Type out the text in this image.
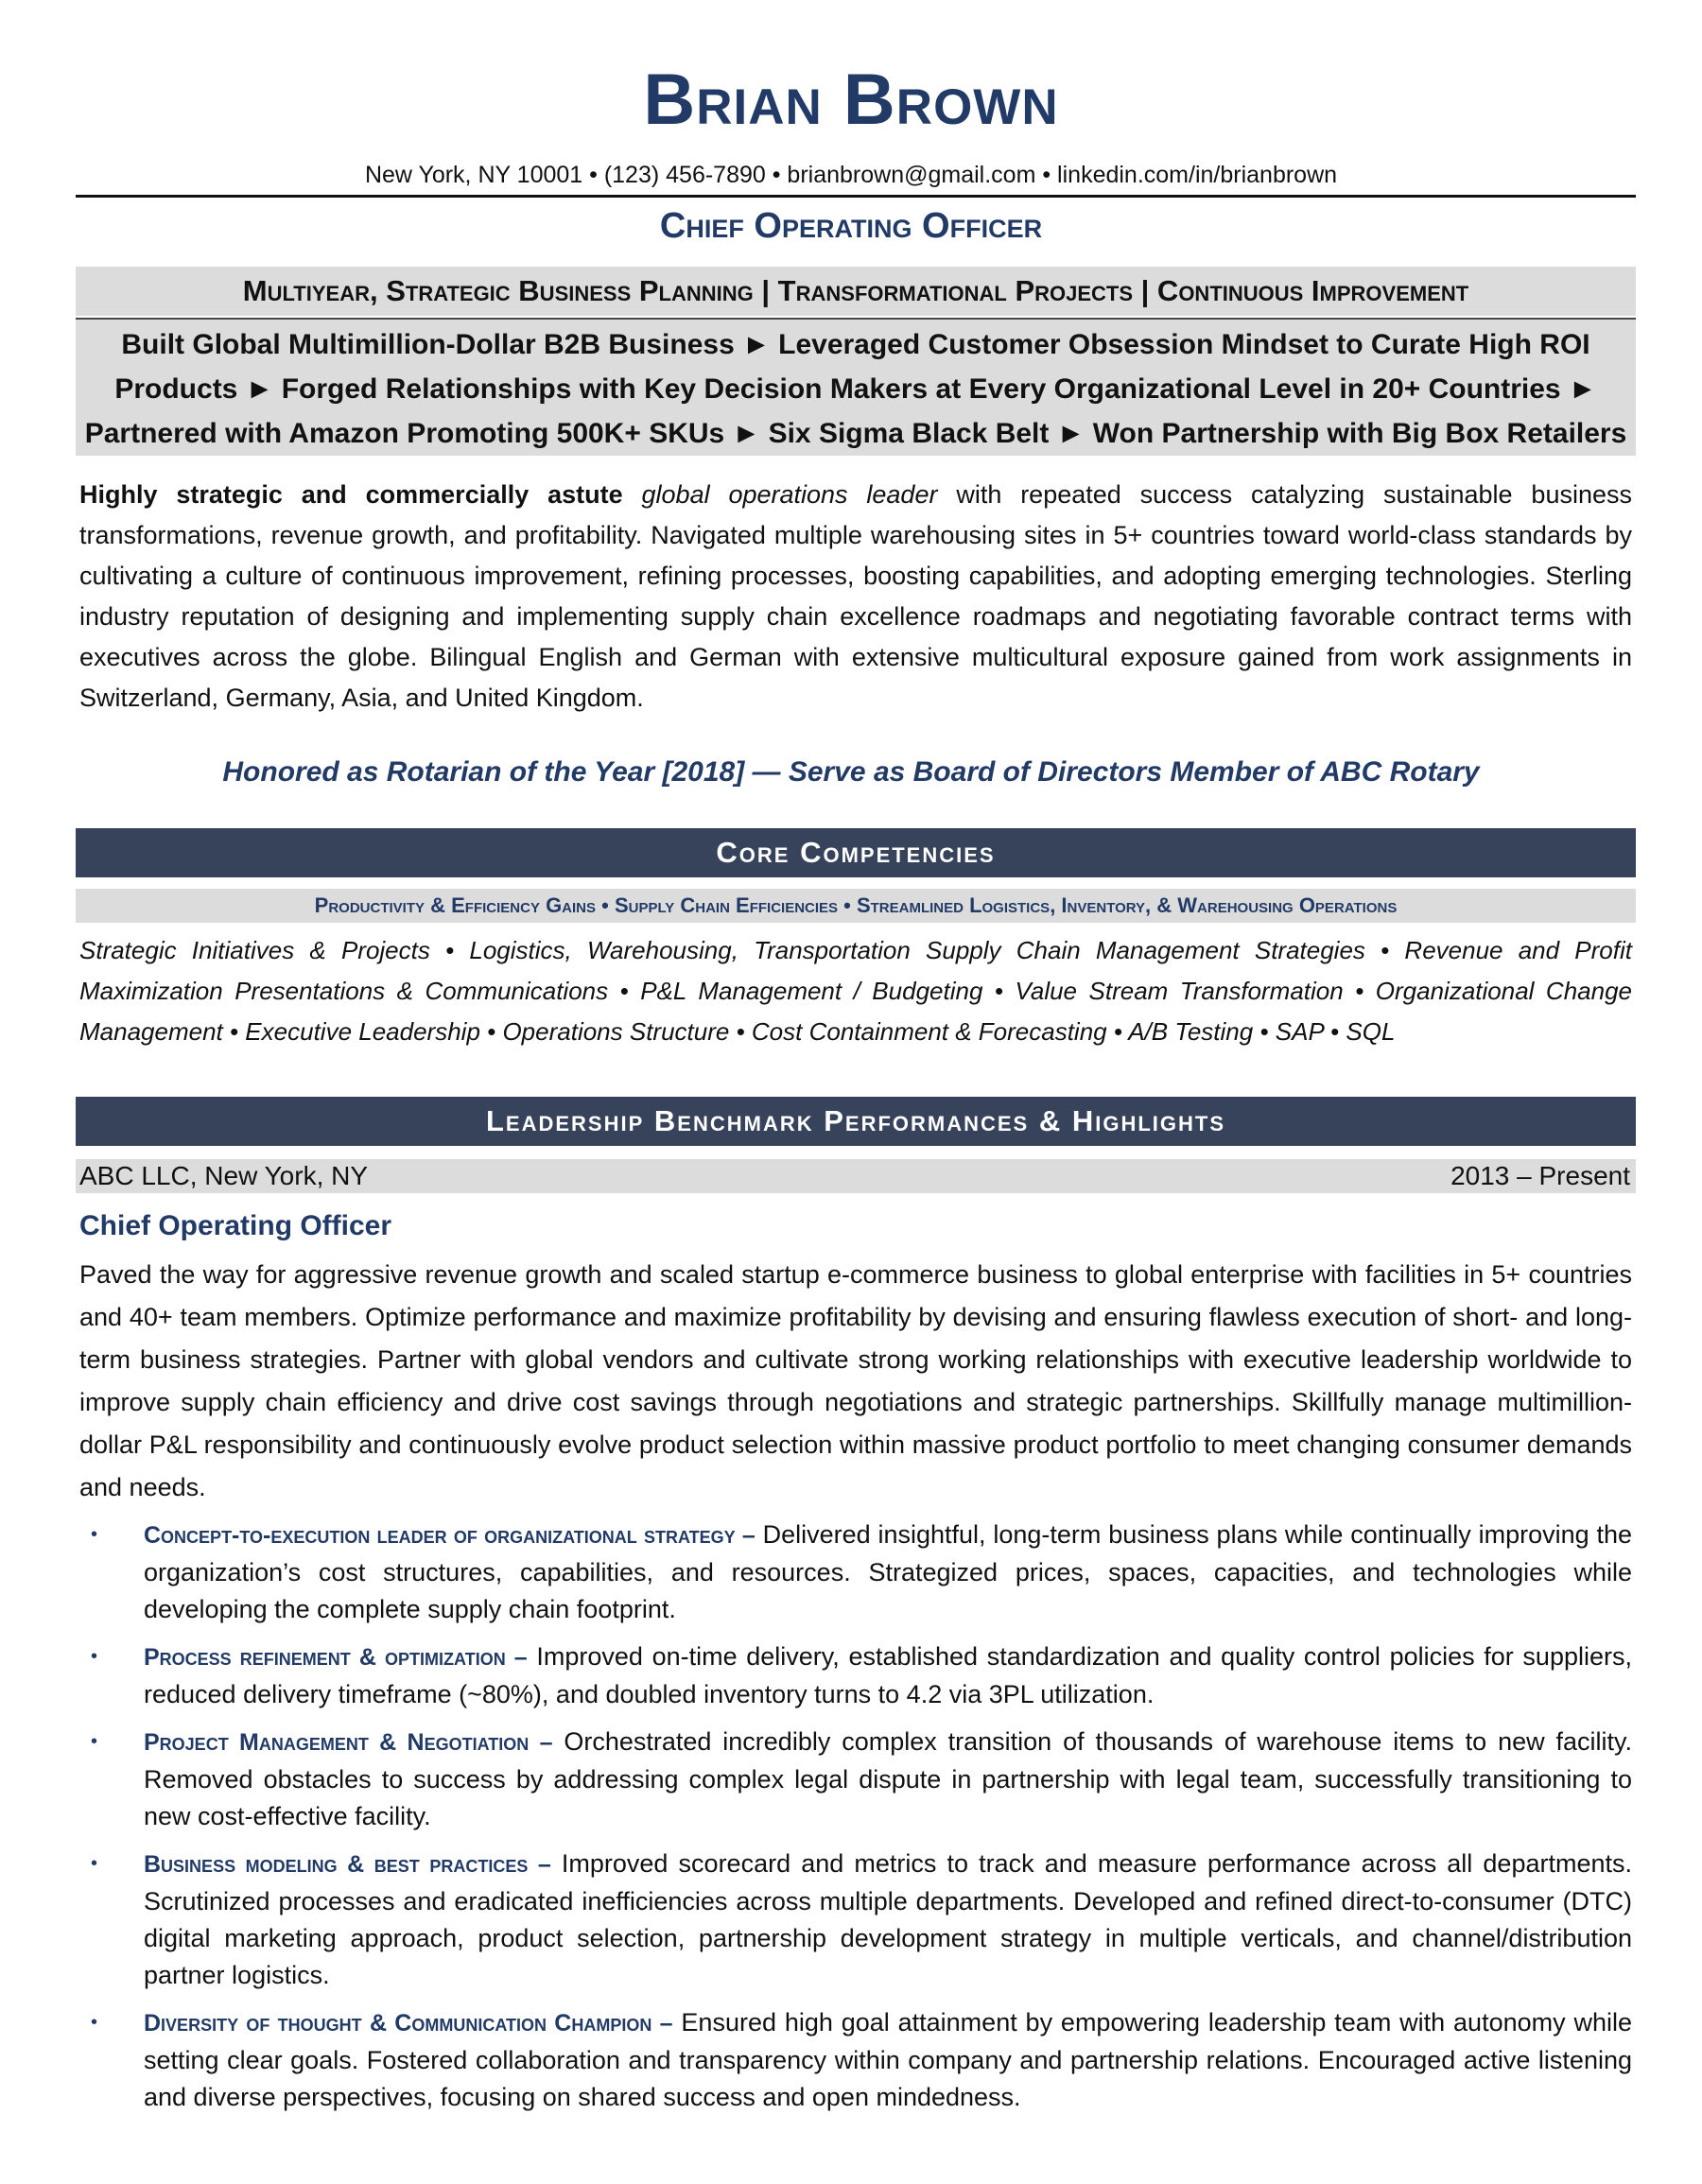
Brian Brown
New York, NY 10001 • (123) 456-7890 • brianbrown@gmail.com • linkedin.com/in/brianbrown
Chief Operating Officer
Multiyear, Strategic Business Planning | Transformational Projects | Continuous Improvement
Built Global Multimillion-Dollar B2B Business ► Leveraged Customer Obsession Mindset to Curate High ROI
Products ► Forged Relationships with Key Decision Makers at Every Organizational Level in 20+ Countries ►
Partnered with Amazon Promoting 500K+ SKUs ► Six Sigma Black Belt ► Won Partnership with Big Box Retailers
Highly strategic and commercially astute global operations leader with repeated success catalyzing sustainable business transformations, revenue growth, and profitability. Navigated multiple warehousing sites in 5+ countries toward world-class standards by cultivating a culture of continuous improvement, refining processes, boosting capabilities, and adopting emerging technologies. Sterling industry reputation of designing and implementing supply chain excellence roadmaps and negotiating favorable contract terms with executives across the globe. Bilingual English and German with extensive multicultural exposure gained from work assignments in Switzerland, Germany, Asia, and United Kingdom.
Honored as Rotarian of the Year [2018] — Serve as Board of Directors Member of ABC Rotary
Core Competencies
Productivity & Efficiency Gains • Supply Chain Efficiencies • Streamlined Logistics, Inventory, & Warehousing Operations
Strategic Initiatives & Projects • Logistics, Warehousing, Transportation Supply Chain Management Strategies • Revenue and Profit Maximization Presentations & Communications • P&L Management / Budgeting • Value Stream Transformation • Organizational Change Management • Executive Leadership • Operations Structure • Cost Containment & Forecasting • A/B Testing • SAP • SQL
Leadership Benchmark Performances & Highlights
ABC LLC, New York, NY	2013 – Present
Chief Operating Officer
Paved the way for aggressive revenue growth and scaled startup e-commerce business to global enterprise with facilities in 5+ countries and 40+ team members. Optimize performance and maximize profitability by devising and ensuring flawless execution of short- and long-term business strategies. Partner with global vendors and cultivate strong working relationships with executive leadership worldwide to improve supply chain efficiency and drive cost savings through negotiations and strategic partnerships. Skillfully manage multimillion-dollar P&L responsibility and continuously evolve product selection within massive product portfolio to meet changing consumer demands and needs.
• Concept-to-execution leader of organizational strategy – Delivered insightful, long-term business plans while continually improving the organization’s cost structures, capabilities, and resources. Strategized prices, spaces, capacities, and technologies while developing the complete supply chain footprint.
• Process refinement & optimization – Improved on-time delivery, established standardization and quality control policies for suppliers, reduced delivery timeframe (~80%), and doubled inventory turns to 4.2 via 3PL utilization.
• Project Management & Negotiation – Orchestrated incredibly complex transition of thousands of warehouse items to new facility. Removed obstacles to success by addressing complex legal dispute in partnership with legal team, successfully transitioning to new cost-effective facility.
• Business modeling & best practices – Improved scorecard and metrics to track and measure performance across all departments. Scrutinized processes and eradicated inefficiencies across multiple departments. Developed and refined direct-to-consumer (DTC) digital marketing approach, product selection, partnership development strategy in multiple verticals, and channel/distribution partner logistics.
• Diversity of thought & Communication Champion – Ensured high goal attainment by empowering leadership team with autonomy while setting clear goals. Fostered collaboration and transparency within company and partnership relations. Encouraged active listening and diverse perspectives, focusing on shared success and open mindedness.
